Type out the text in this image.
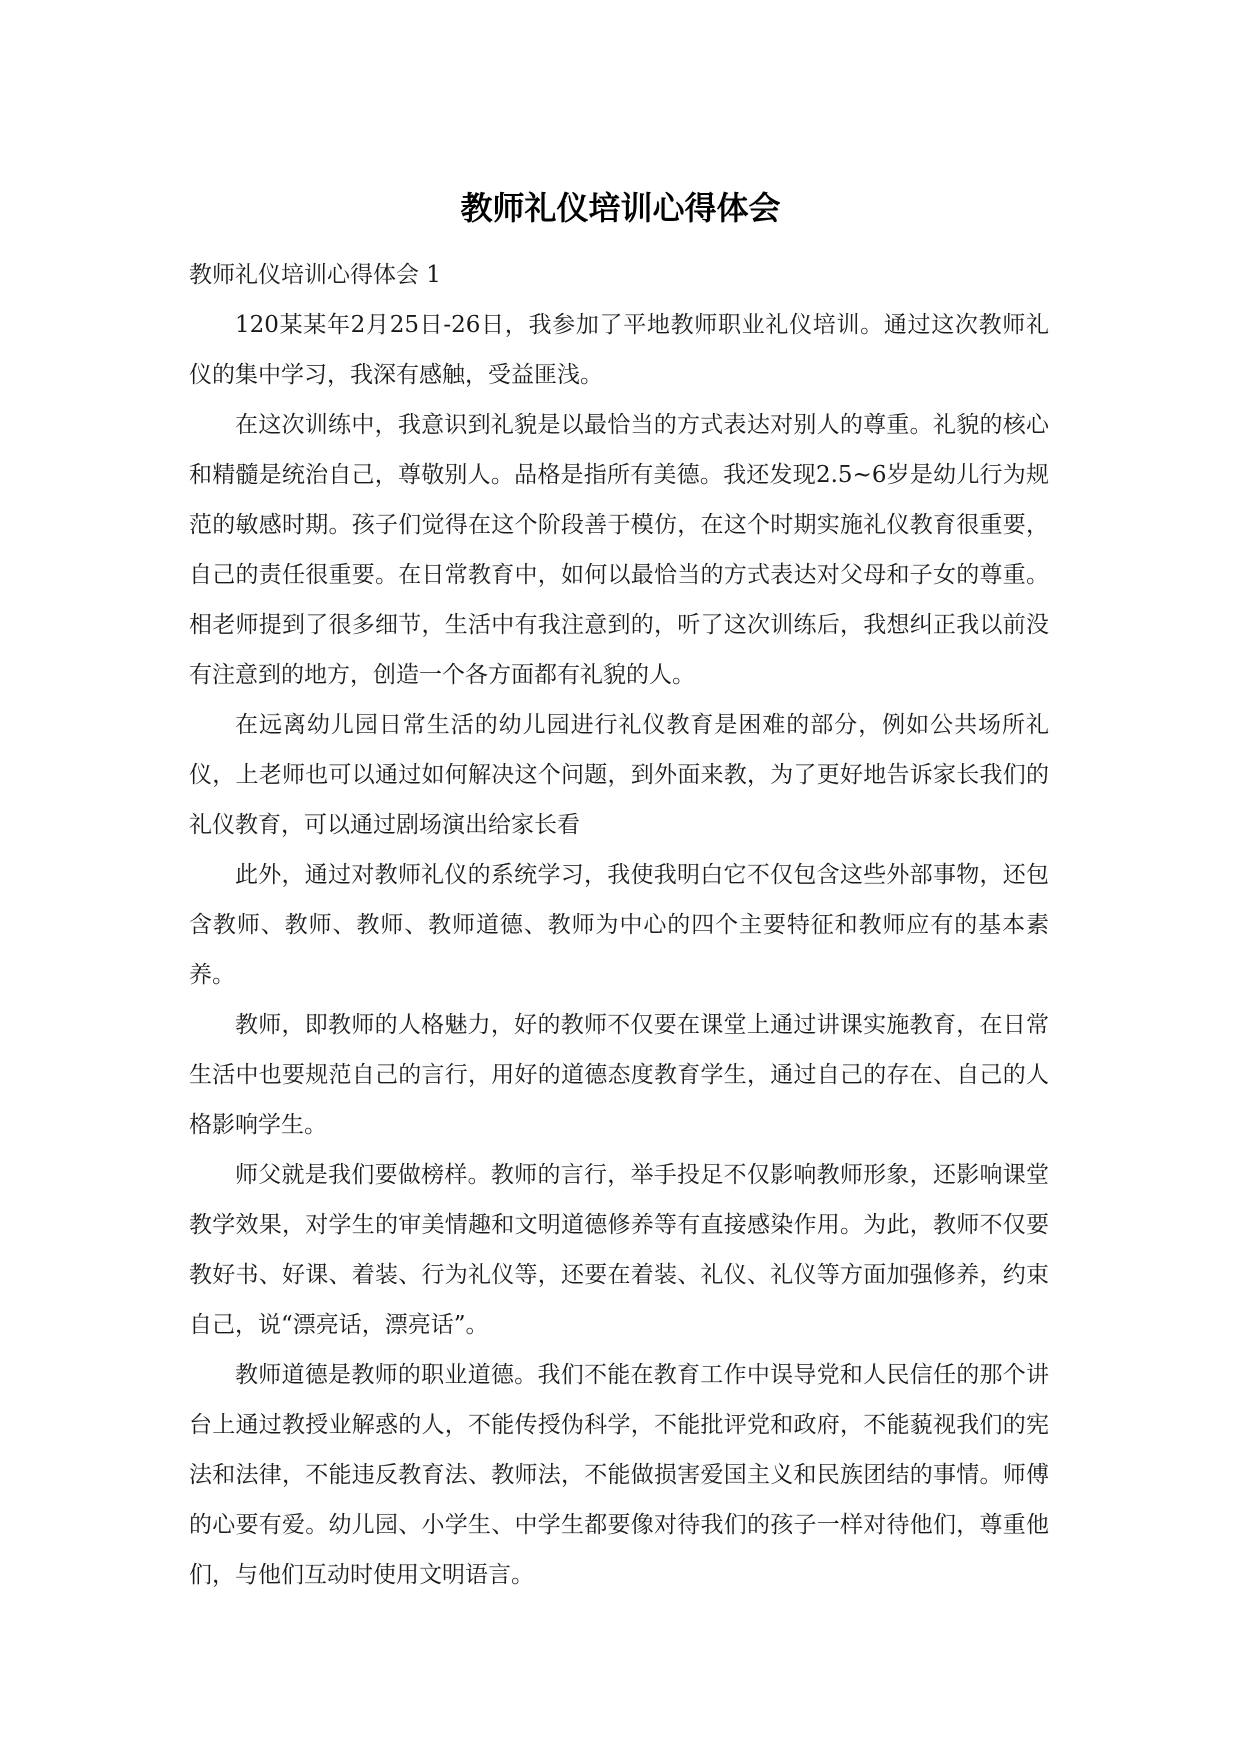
教师礼仪培训心得体会

教师礼仪培训心得体会 1

120某某年2月25日-26日，我参加了平地教师职业礼仪培训。通过这次教师礼仪的集中学习，我深有感触，受益匪浅。

在这次训练中，我意识到礼貌是以最恰当的方式表达对别人的尊重。礼貌的核心和精髓是统治自己，尊敬别人。品格是指所有美德。我还发现2.5~6岁是幼儿行为规范的敏感时期。孩子们觉得在这个阶段善于模仿，在这个时期实施礼仪教育很重要，自己的责任很重要。在日常教育中，如何以最恰当的方式表达对父母和子女的尊重。相老师提到了很多细节，生活中有我注意到的，听了这次训练后，我想纠正我以前没有注意到的地方，创造一个各方面都有礼貌的人。

在远离幼儿园日常生活的幼儿园进行礼仪教育是困难的部分，例如公共场所礼仪，上老师也可以通过如何解决这个问题，到外面来教，为了更好地告诉家长我们的礼仪教育，可以通过剧场演出给家长看

此外，通过对教师礼仪的系统学习，我使我明白它不仅包含这些外部事物，还包含教师、教师、教师、教师道德、教师为中心的四个主要特征和教师应有的基本素养。

教师，即教师的人格魅力，好的教师不仅要在课堂上通过讲课实施教育，在日常生活中也要规范自己的言行，用好的道德态度教育学生，通过自己的存在、自己的人格影响学生。

师父就是我们要做榜样。教师的言行，举手投足不仅影响教师形象，还影响课堂教学效果，对学生的审美情趣和文明道德修养等有直接感染作用。为此，教师不仅要教好书、好课、着装、行为礼仪等，还要在着装、礼仪、礼仪等方面加强修养，约束自己，说“漂亮话，漂亮话”。

教师道德是教师的职业道德。我们不能在教育工作中误导党和人民信任的那个讲台上通过教授业解惑的人，不能传授伪科学，不能批评党和政府，不能藐视我们的宪法和法律，不能违反教育法、教师法，不能做损害爱国主义和民族团结的事情。师傅的心要有爱。幼儿园、小学生、中学生都要像对待我们的孩子一样对待他们，尊重他们，与他们互动时使用文明语言。
